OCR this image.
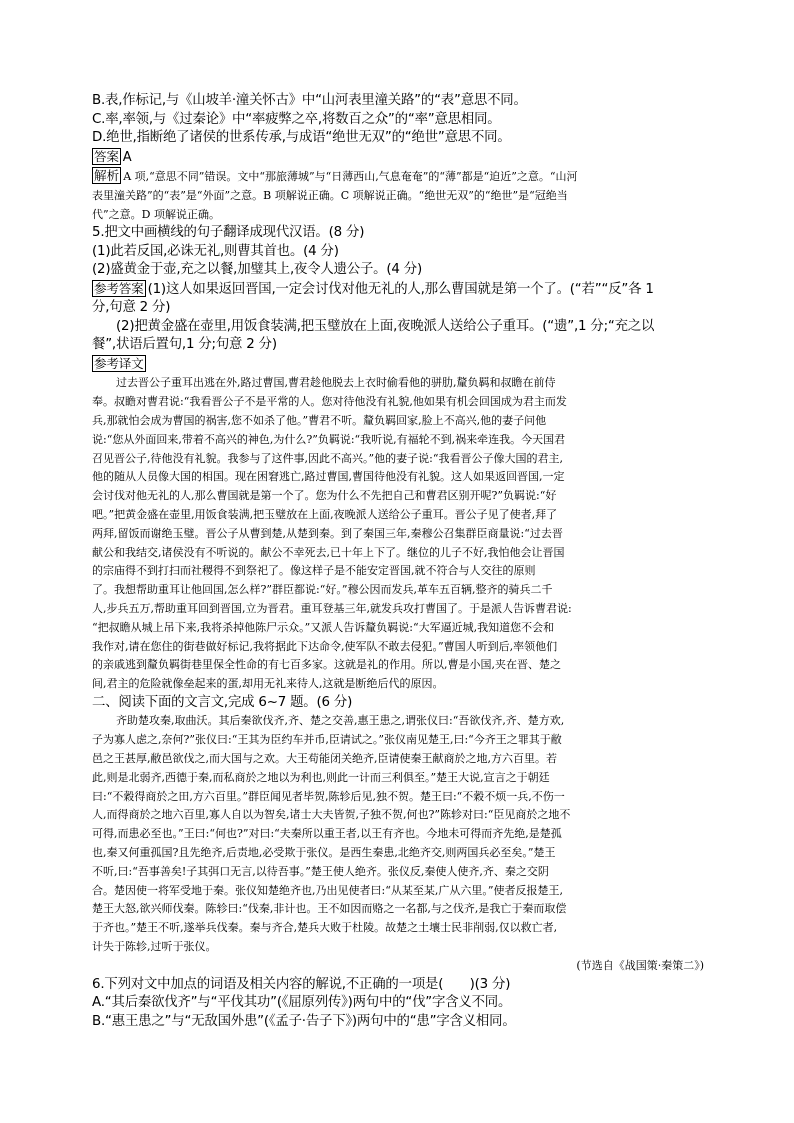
B.表,作标记,与《山坡羊·潼关怀古》中“山河表里潼关路”的“表”意思不同。
C.率,率领,与《过秦论》中“率疲弊之卒,将数百之众”的“率”意思相同。
D.绝世,指断绝了诸侯的世系传承,与成语“绝世无双”的“绝世”意思不同。
答案 A
解析 A 项,“意思不同”错误。文中“那旅薄城”与“日薄西山,气息奄奄”的“薄”都是“迫近”之意。“山河
表里潼关路”的“表”是“外面”之意。B 项解说正确。C 项解说正确。“绝世无双”的“绝世”是“冠绝当
代”之意。D 项解说正确。
5.把文中画横线的句子翻译成现代汉语。(8 分)
(1)此若反国,必诛无礼,则曹其首也。(4 分)
(2)盛黄金于壶,充之以餐,加璧其上,夜令人遗公子。(4 分)
参考答案 (1)这人如果返回晋国,一定会讨伐对他无礼的人,那么曹国就是第一个了。(“若”“反”各 1
分,句意 2 分)
(2)把黄金盛在壶里,用饭食装满,把玉璧放在上面,夜晚派人送给公子重耳。(“遗”,1 分;“充之以
餐”,状语后置句,1 分;句意 2 分)
参考译文
过去晋公子重耳出逃在外,路过曹国,曹君趁他脱去上衣时偷看他的骈肋,釐负羁和叔瞻在前侍
奉。叔瞻对曹君说:“我看晋公子不是平常的人。您对待他没有礼貌,他如果有机会回国成为君主而发
兵,那就怕会成为曹国的祸害,您不如杀了他。”曹君不听。釐负羁回家,脸上不高兴,他的妻子问他
说:“您从外面回来,带着不高兴的神色,为什么?”负羁说:“我听说,有福轮不到,祸来牵连我。今天国君
召见晋公子,待他没有礼貌。我参与了这件事,因此不高兴。”他的妻子说:“我看晋公子像大国的君主,
他的随从人员像大国的相国。现在困窘逃亡,路过曹国,曹国待他没有礼貌。这人如果返回晋国,一定
会讨伐对他无礼的人,那么曹国就是第一个了。您为什么不先把自己和曹君区别开呢?”负羁说:“好
吧。”把黄金盛在壶里,用饭食装满,把玉璧放在上面,夜晚派人送给公子重耳。晋公子见了使者,拜了
两拜,留饭而谢绝玉璧。晋公子从曹到楚,从楚到秦。到了秦国三年,秦穆公召集群臣商量说:“过去晋
献公和我结交,诸侯没有不听说的。献公不幸死去,已十年上下了。继位的儿子不好,我怕他会让晋国
的宗庙得不到打扫而社稷得不到祭祀了。像这样子是不能安定晋国,就不符合与人交往的原则
了。我想帮助重耳让他回国,怎么样?”群臣都说:“好。”穆公因而发兵,革车五百辆,整齐的骑兵二千
人,步兵五万,帮助重耳回到晋国,立为晋君。重耳登基三年,就发兵攻打曹国了。于是派人告诉曹君说:
“把叔瞻从城上吊下来,我将杀掉他陈尸示众。”又派人告诉釐负羁说:“大军逼近城,我知道您不会和
我作对,请在您住的街巷做好标记,我将据此下达命令,使军队不敢去侵犯。”曹国人听到后,率领他们
的亲戚逃到釐负羁街巷里保全性命的有七百多家。这就是礼的作用。所以,曹是小国,夹在晋、楚之
间,君主的危险就像垒起来的蛋,却用无礼来待人,这就是断绝后代的原因。
二、阅读下面的文言文,完成 6~7 题。(6 分)
齐助楚攻秦,取曲沃。其后秦欲伐齐,齐、楚之交善,惠王患之,谓张仪曰:“吾欲伐齐,齐、楚方欢,
子为寡人虑之,奈何?”张仪曰:“王其为臣约车并币,臣请试之。”张仪南见楚王,曰:“今齐王之罪其于敝
邑之王甚厚,敝邑欲伐之,而大国与之欢。大王苟能闭关绝齐,臣请使秦王献商於之地,方六百里。若
此,则是北弱齐,西德于秦,而私商於之地以为利也,则此一计而三利俱至。”楚王大说,宣言之于朝廷
曰:“不穀得商於之田,方六百里。”群臣闻见者毕贺,陈轸后见,独不贺。楚王曰:“不穀不烦一兵,不伤一
人,而得商於之地六百里,寡人自以为智矣,诸士大夫皆贺,子独不贺,何也?”陈轸对曰:“臣见商於之地不
可得,而患必至也。”王曰:“何也?”对曰:“夫秦所以重王者,以王有齐也。今地未可得而齐先绝,是楚孤
也,秦又何重孤国?且先绝齐,后责地,必受欺于张仪。是西生秦患,北绝齐交,则两国兵必至矣。”楚王
不听,曰:“吾事善矣!子其弭口无言,以待吾事。”楚王使人绝齐。张仪反,秦使人使齐,齐、秦之交阴
合。楚因使一将军受地于秦。张仪知楚绝齐也,乃出见使者曰:“从某至某,广从六里。”使者反报楚王,
楚王大怒,欲兴师伐秦。陈轸曰:“伐秦,非计也。王不如因而赂之一名都,与之伐齐,是我亡于秦而取偿
于齐也。”楚王不听,遂举兵伐秦。秦与齐合,楚兵大败于杜陵。故楚之土壤士民非削弱,仅以救亡者,
计失于陈轸,过听于张仪。
(节选自《战国策·秦策二》)
6.下列对文中加点的词语及相关内容的解说,不正确的一项是(　　)(3 分)
A.“其后秦欲伐齐”与“平伐其功”(《屈原列传》)两句中的“伐”字含义不同。
B.“惠王患之”与“无敌国外患”(《孟子·告子下》)两句中的“患”字含义相同。
